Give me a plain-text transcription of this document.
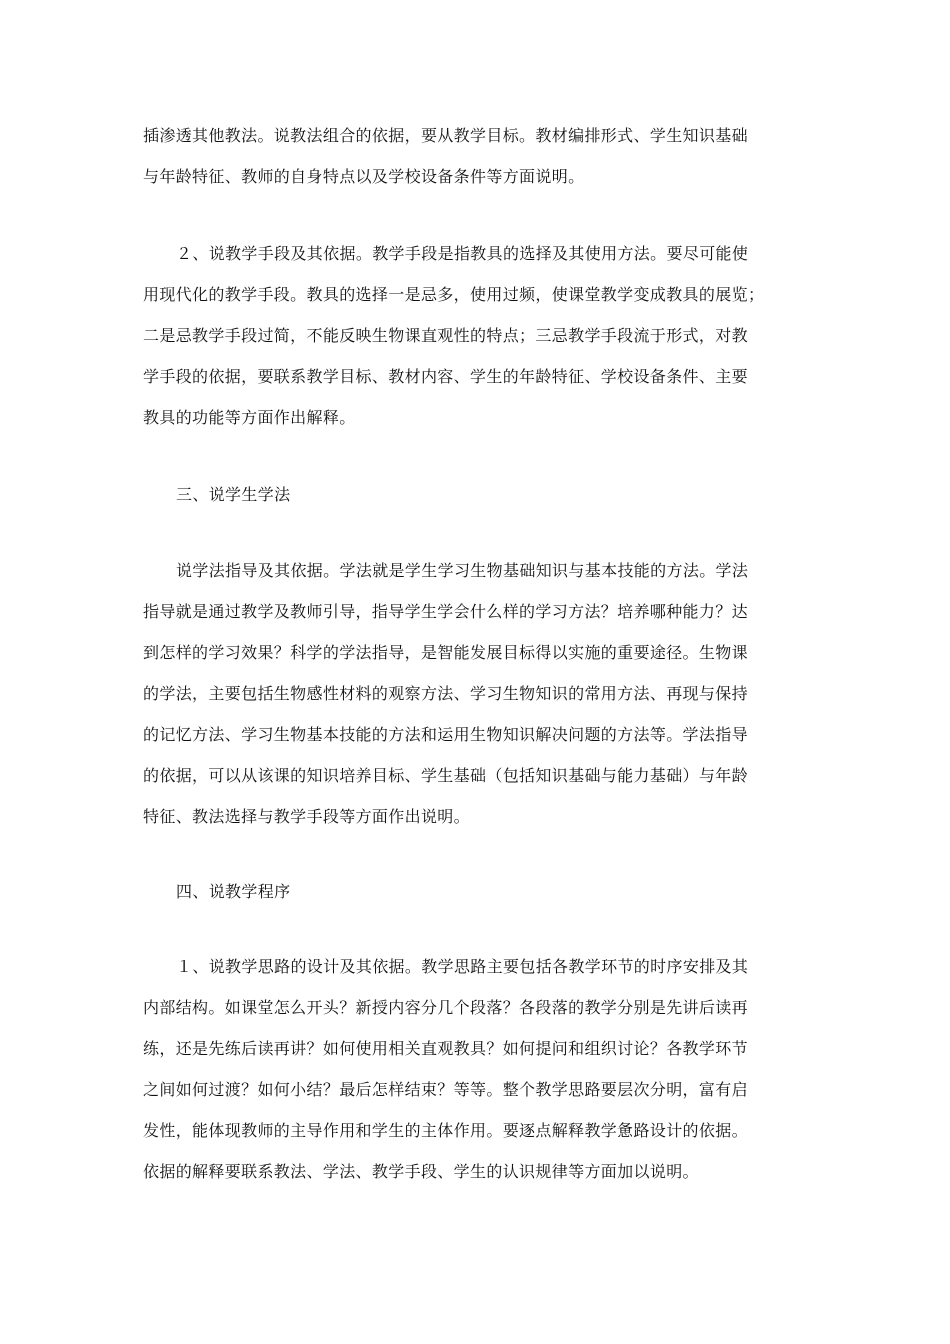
插渗透其他教法。说教法组合的依据，要从教学目标。教材编排形式、学生知识基础
与年龄特征、教师的自身特点以及学校设备条件等方面说明。
２、说教学手段及其依据。教学手段是指教具的选择及其使用方法。要尽可能使
用现代化的教学手段。教具的选择一是忌多，使用过频，使课堂教学变成教具的展览；
二是忌教学手段过简，不能反映生物课直观性的特点；三忌教学手段流于形式，对教
学手段的依据，要联系教学目标、教材内容、学生的年龄特征、学校设备条件、主要
教具的功能等方面作出解释。
三、说学生学法
说学法指导及其依据。学法就是学生学习生物基础知识与基本技能的方法。学法
指导就是通过教学及教师引导，指导学生学会什么样的学习方法？培养哪种能力？达
到怎样的学习效果？科学的学法指导，是智能发展目标得以实施的重要途径。生物课
的学法，主要包括生物感性材料的观察方法、学习生物知识的常用方法、再现与保持
的记忆方法、学习生物基本技能的方法和运用生物知识解决问题的方法等。学法指导
的依据，可以从该课的知识培养目标、学生基础（包括知识基础与能力基础）与年龄
特征、教法选择与教学手段等方面作出说明。
四、说教学程序
１、说教学思路的设计及其依据。教学思路主要包括各教学环节的时序安排及其
内部结构。如课堂怎么开头？新授内容分几个段落？各段落的教学分别是先讲后读再
练，还是先练后读再讲？如何使用相关直观教具？如何提问和组织讨论？各教学环节
之间如何过渡？如何小结？最后怎样结束？等等。整个教学思路要层次分明，富有启
发性，能体现教师的主导作用和学生的主体作用。要逐点解释教学惫路设计的依据。
依据的解释要联系教法、学法、教学手段、学生的认识规律等方面加以说明。
